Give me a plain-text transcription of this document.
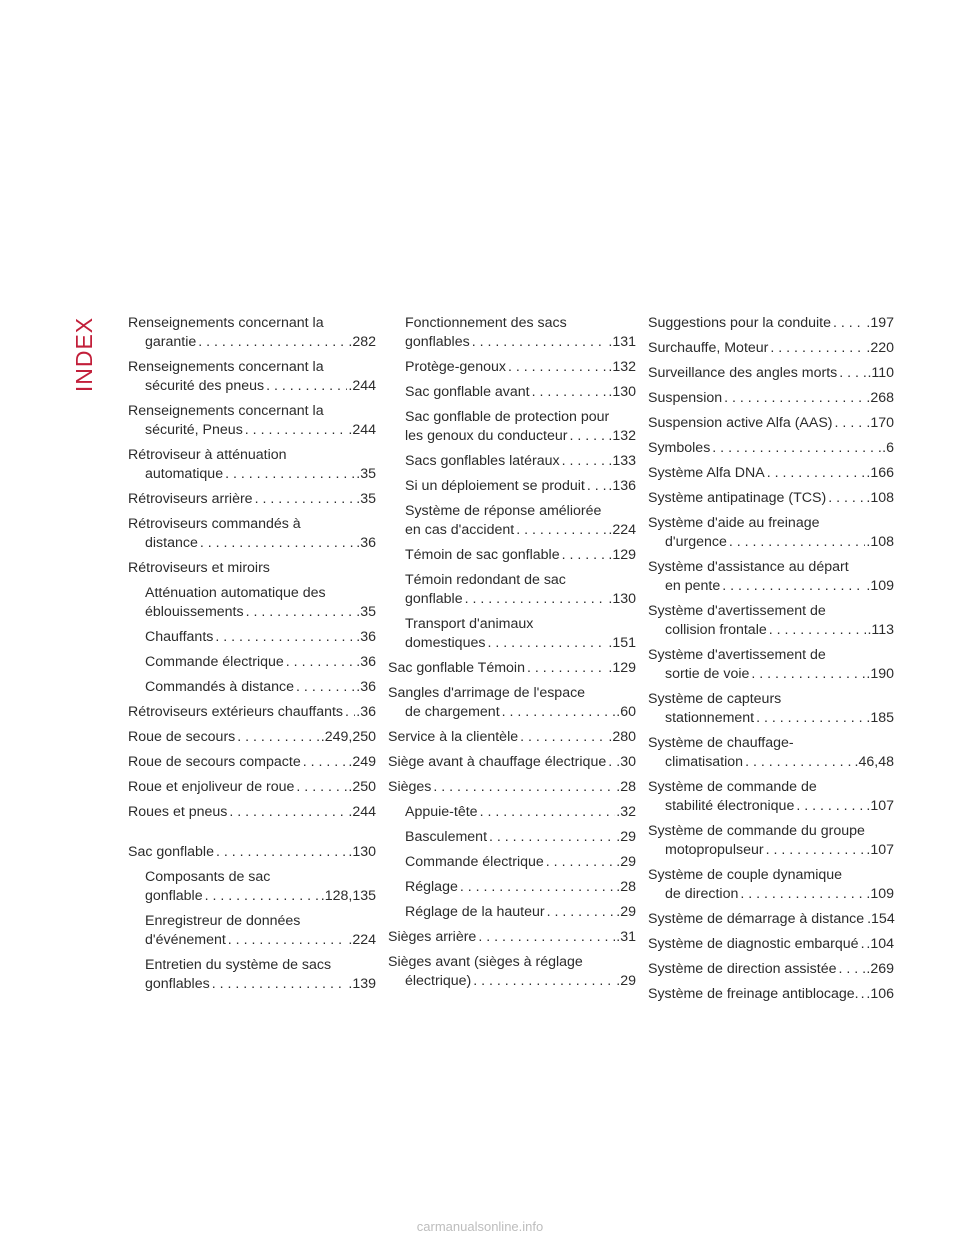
INDEX Renseignements concernant la
garantie . . .	.282
Renseignements concernant la
sécurité des pneus . . .	.244
Renseignements concernant la
sécurité, Pneus . . .	.244
Rétroviseur à atténuation
automatique . . .	.35
Rétroviseurs arrière . . .	.35
Rétroviseurs commandés à
distance . . .	.36
Rétroviseurs et miroirs
Atténuation automatique des
éblouissements . . .	.35
Chauffants . . .	.36
Commande électrique . . .	.36
Commandés à distance . . .	.36
Rétroviseurs extérieurs chauffants . . . .36
Roue de secours . . .	.249,250
Roue de secours compacte . . .	.249
Roue et enjoliveur de roue . . .	.250
Roues et pneus . . .	.244
Sac gonflable . . .	.130
Composants de sac
gonflable . . .	.128,135
Enregistreur de données
d'événement . . .	.224
Entretien du système de sacs
gonflables . . .	.139
Fonctionnement des sacs
gonflables . . .	.131
Protège-genoux . . .	.132
Sac gonflable avant . . .	.130
Sac gonflable de protection pour
les genoux du conducteur . . .	.132
Sacs gonflables latéraux . . .	.133
Si un déploiement se produit . . . .136
Système de réponse améliorée
en cas d'accident . . .	.224
Témoin de sac gonflable . . .	.129
Témoin redondant de sac
gonflable . . .	.130
Transport d'animaux
domestiques . . .	.151
Sac gonflable Témoin . . .	.129
Sangles d'arrimage de l'espace
de chargement . . .	.60
Service à la clientèle . . .	.280
Siège avant à chauffage électrique . . . .30
Sièges . . .	.28
Appuie-tête . . .	.32
Basculement . . .	.29
Commande électrique . . .	.29
Réglage . . .	.28
Réglage de la hauteur . . .	.29
Sièges arrière . . .	.31
Sièges avant (sièges à réglage
électrique) . . .	.29
Suggestions pour la conduite . . . .197
Surchauffe, Moteur . . .	.220
Surveillance des angles morts . . . .110
Suspension . . .	.268
Suspension active Alfa (AAS) . . . .170
Symboles . . .	.6
Système Alfa DNA . . .	.166
Système antipatinage (TCS) . . .	.108
Système d'aide au freinage
d'urgence . . .	.108
Système d'assistance au départ
en pente . . .	.109
Système d'avertissement de
collision frontale . . .	.113
Système d'avertissement de
sortie de voie . . .	.190
Système de capteurs
stationnement . . .	.185
Système de chauffage-
climatisation . . .	.46,48
Système de commande de
stabilité électronique . . .	.107
Système de commande du groupe
motopropulseur . . .	.107
Système de couple dynamique
de direction . . .	.109
Système de démarrage à distance .154
Système de diagnostic embarqué . . . .104
Système de direction assistée . . . .269
Système de freinage antiblocage. . . . .106
carmanualsonline.info
